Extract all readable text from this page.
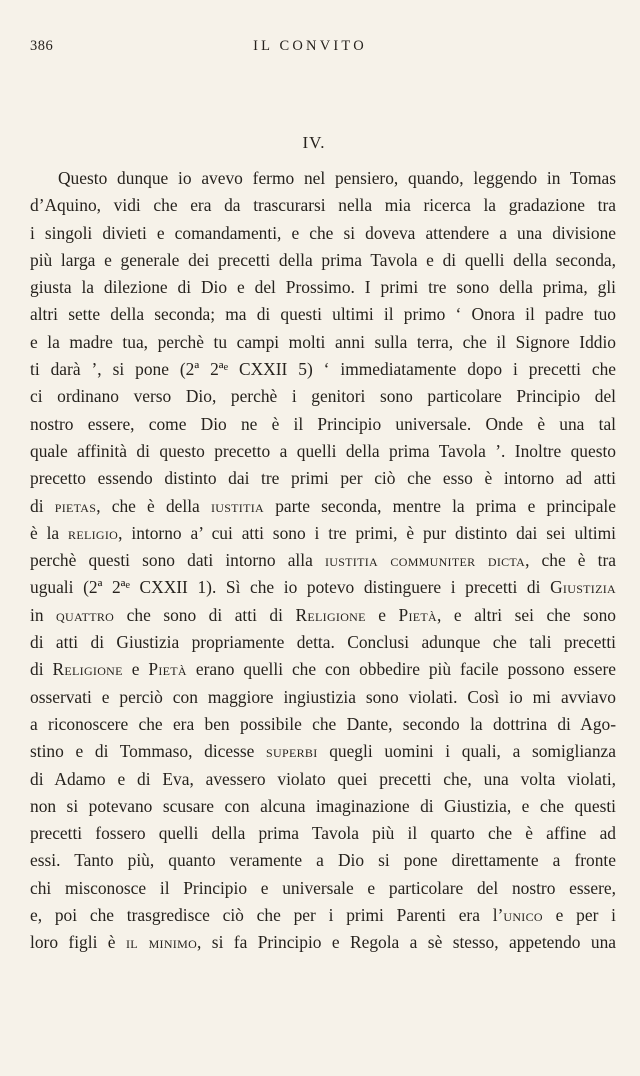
386	IL CONVITO
IV.
Questo dunque io avevo fermo nel pensiero, quando, leggendo in Tomas
d’Aquino, vidi che era da trascurarsi nella mia ricerca la gradazione tra
i singoli divieti e comandamenti, e che si doveva attendere a una divisione
più larga e generale dei precetti della prima Tavola e di quelli della seconda,
giusta la dilezione di Dio e del Prossimo. I primi tre sono della prima, gli
altri sette della seconda; ma di questi ultimi il primo ‘ Onora il padre tuo
e la madre tua, perchè tu campi molti anni sulla terra, che il Signore Iddio
ti darà ’, si pone (2ª 2ªᵉ CXXII 5) ‘ immediatamente dopo i precetti che
ci ordinano verso Dio, perchè i genitori sono particolare Principio del
nostro essere, come Dio ne è il Principio universale. Onde è una tal
quale affinità di questo precetto a quelli della prima Tavola ’. Inoltre questo
precetto essendo distinto dai tre primi per ciò che esso è intorno ad atti
di pietas, che è della iustitia parte seconda, mentre la prima e principale
è la religio, intorno a’ cui atti sono i tre primi, è pur distinto dai sei ultimi
perchè questi sono dati intorno alla iustitia communiter dicta, che è tra
uguali (2ª 2ªᵉ CXXII 1). Sì che io potevo distinguere i precetti di Giustizia
in quattro che sono di atti di Religione e Pietà, e altri sei che sono
di atti di Giustizia propriamente detta. Conclusi adunque che tali precetti
di Religione e Pietà erano quelli che con obbedire più facile possono essere
osservati e perciò con maggiore ingiustizia sono violati. Così io mi avviavo
a riconoscere che era ben possibile che Dante, secondo la dottrina di Ago-
stino e di Tommaso, dicesse superbi quegli uomini i quali, a somiglianza
di Adamo e di Eva, avessero violato quei precetti che, una volta violati,
non si potevano scusare con alcuna imaginazione di Giustizia, e che questi
precetti fossero quelli della prima Tavola più il quarto che è affine ad
essi. Tanto più, quanto veramente a Dio si pone direttamente a fronte
chi misconosce il Principio e universale e particolare del nostro essere,
e, poi che trasgredisce ciò che per i primi Parenti era l’unico e per i
loro figli è il minimo, si fa Principio e Regola a sè stesso, appetendo una
